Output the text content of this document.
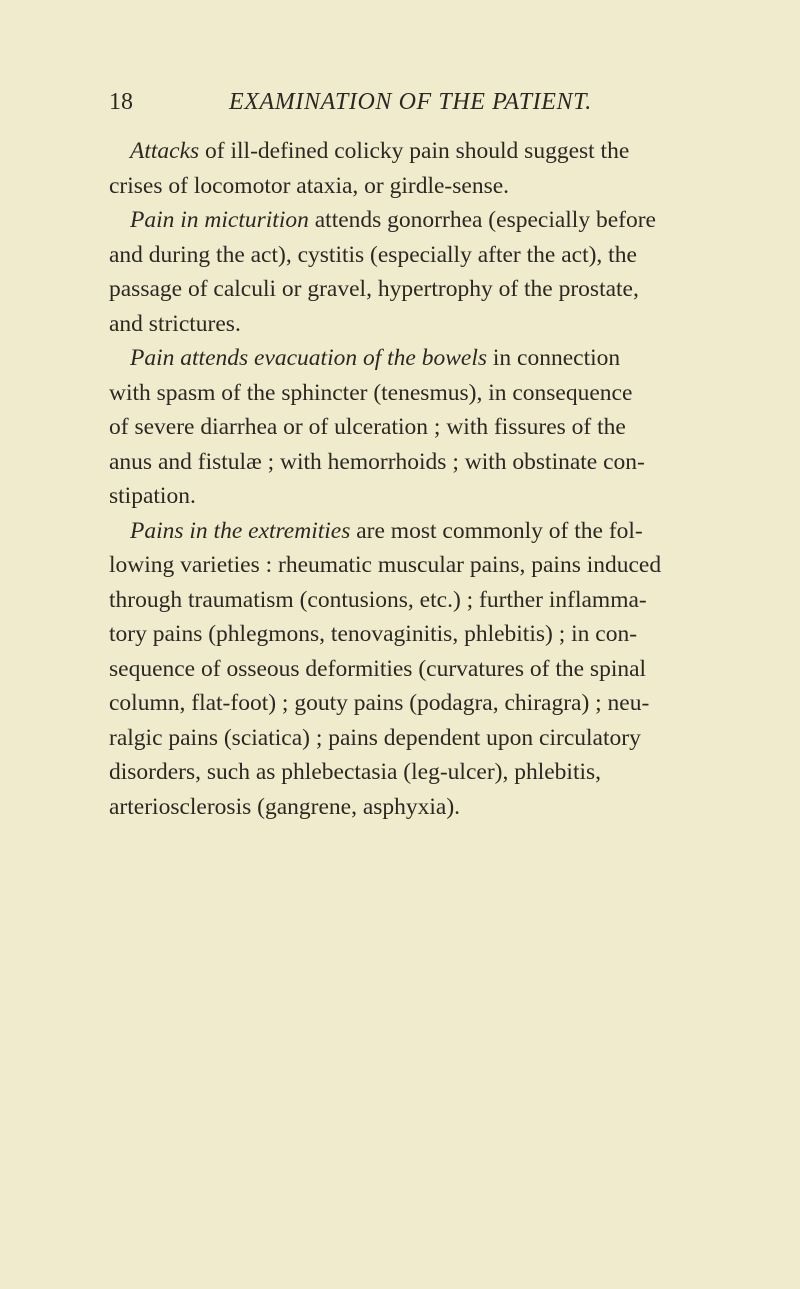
18	EXAMINATION OF THE PATIENT.

Attacks of ill-defined colicky pain should suggest the
crises of locomotor ataxia, or girdle-sense.

Pain in micturition attends gonorrhea (especially before
and during the act), cystitis (especially after the act), the
passage of calculi or gravel, hypertrophy of the prostate,
and strictures.

Pain attends evacuation of the bowels in connection
with spasm of the sphincter (tenesmus), in consequence
of severe diarrhea or of ulceration ; with fissures of the
anus and fistulæ ; with hemorrhoids ; with obstinate con-
stipation.

Pains in the extremities are most commonly of the fol-
lowing varieties : rheumatic muscular pains, pains induced
through traumatism (contusions, etc.) ; further inflamma-
tory pains (phlegmons, tenovaginitis, phlebitis) ; in con-
sequence of osseous deformities (curvatures of the spinal
column, flat-foot) ; gouty pains (podagra, chiragra) ; neu-
ralgic pains (sciatica) ; pains dependent upon circulatory
disorders, such as phlebectasia (leg-ulcer), phlebitis,
arteriosclerosis (gangrene, asphyxia).
